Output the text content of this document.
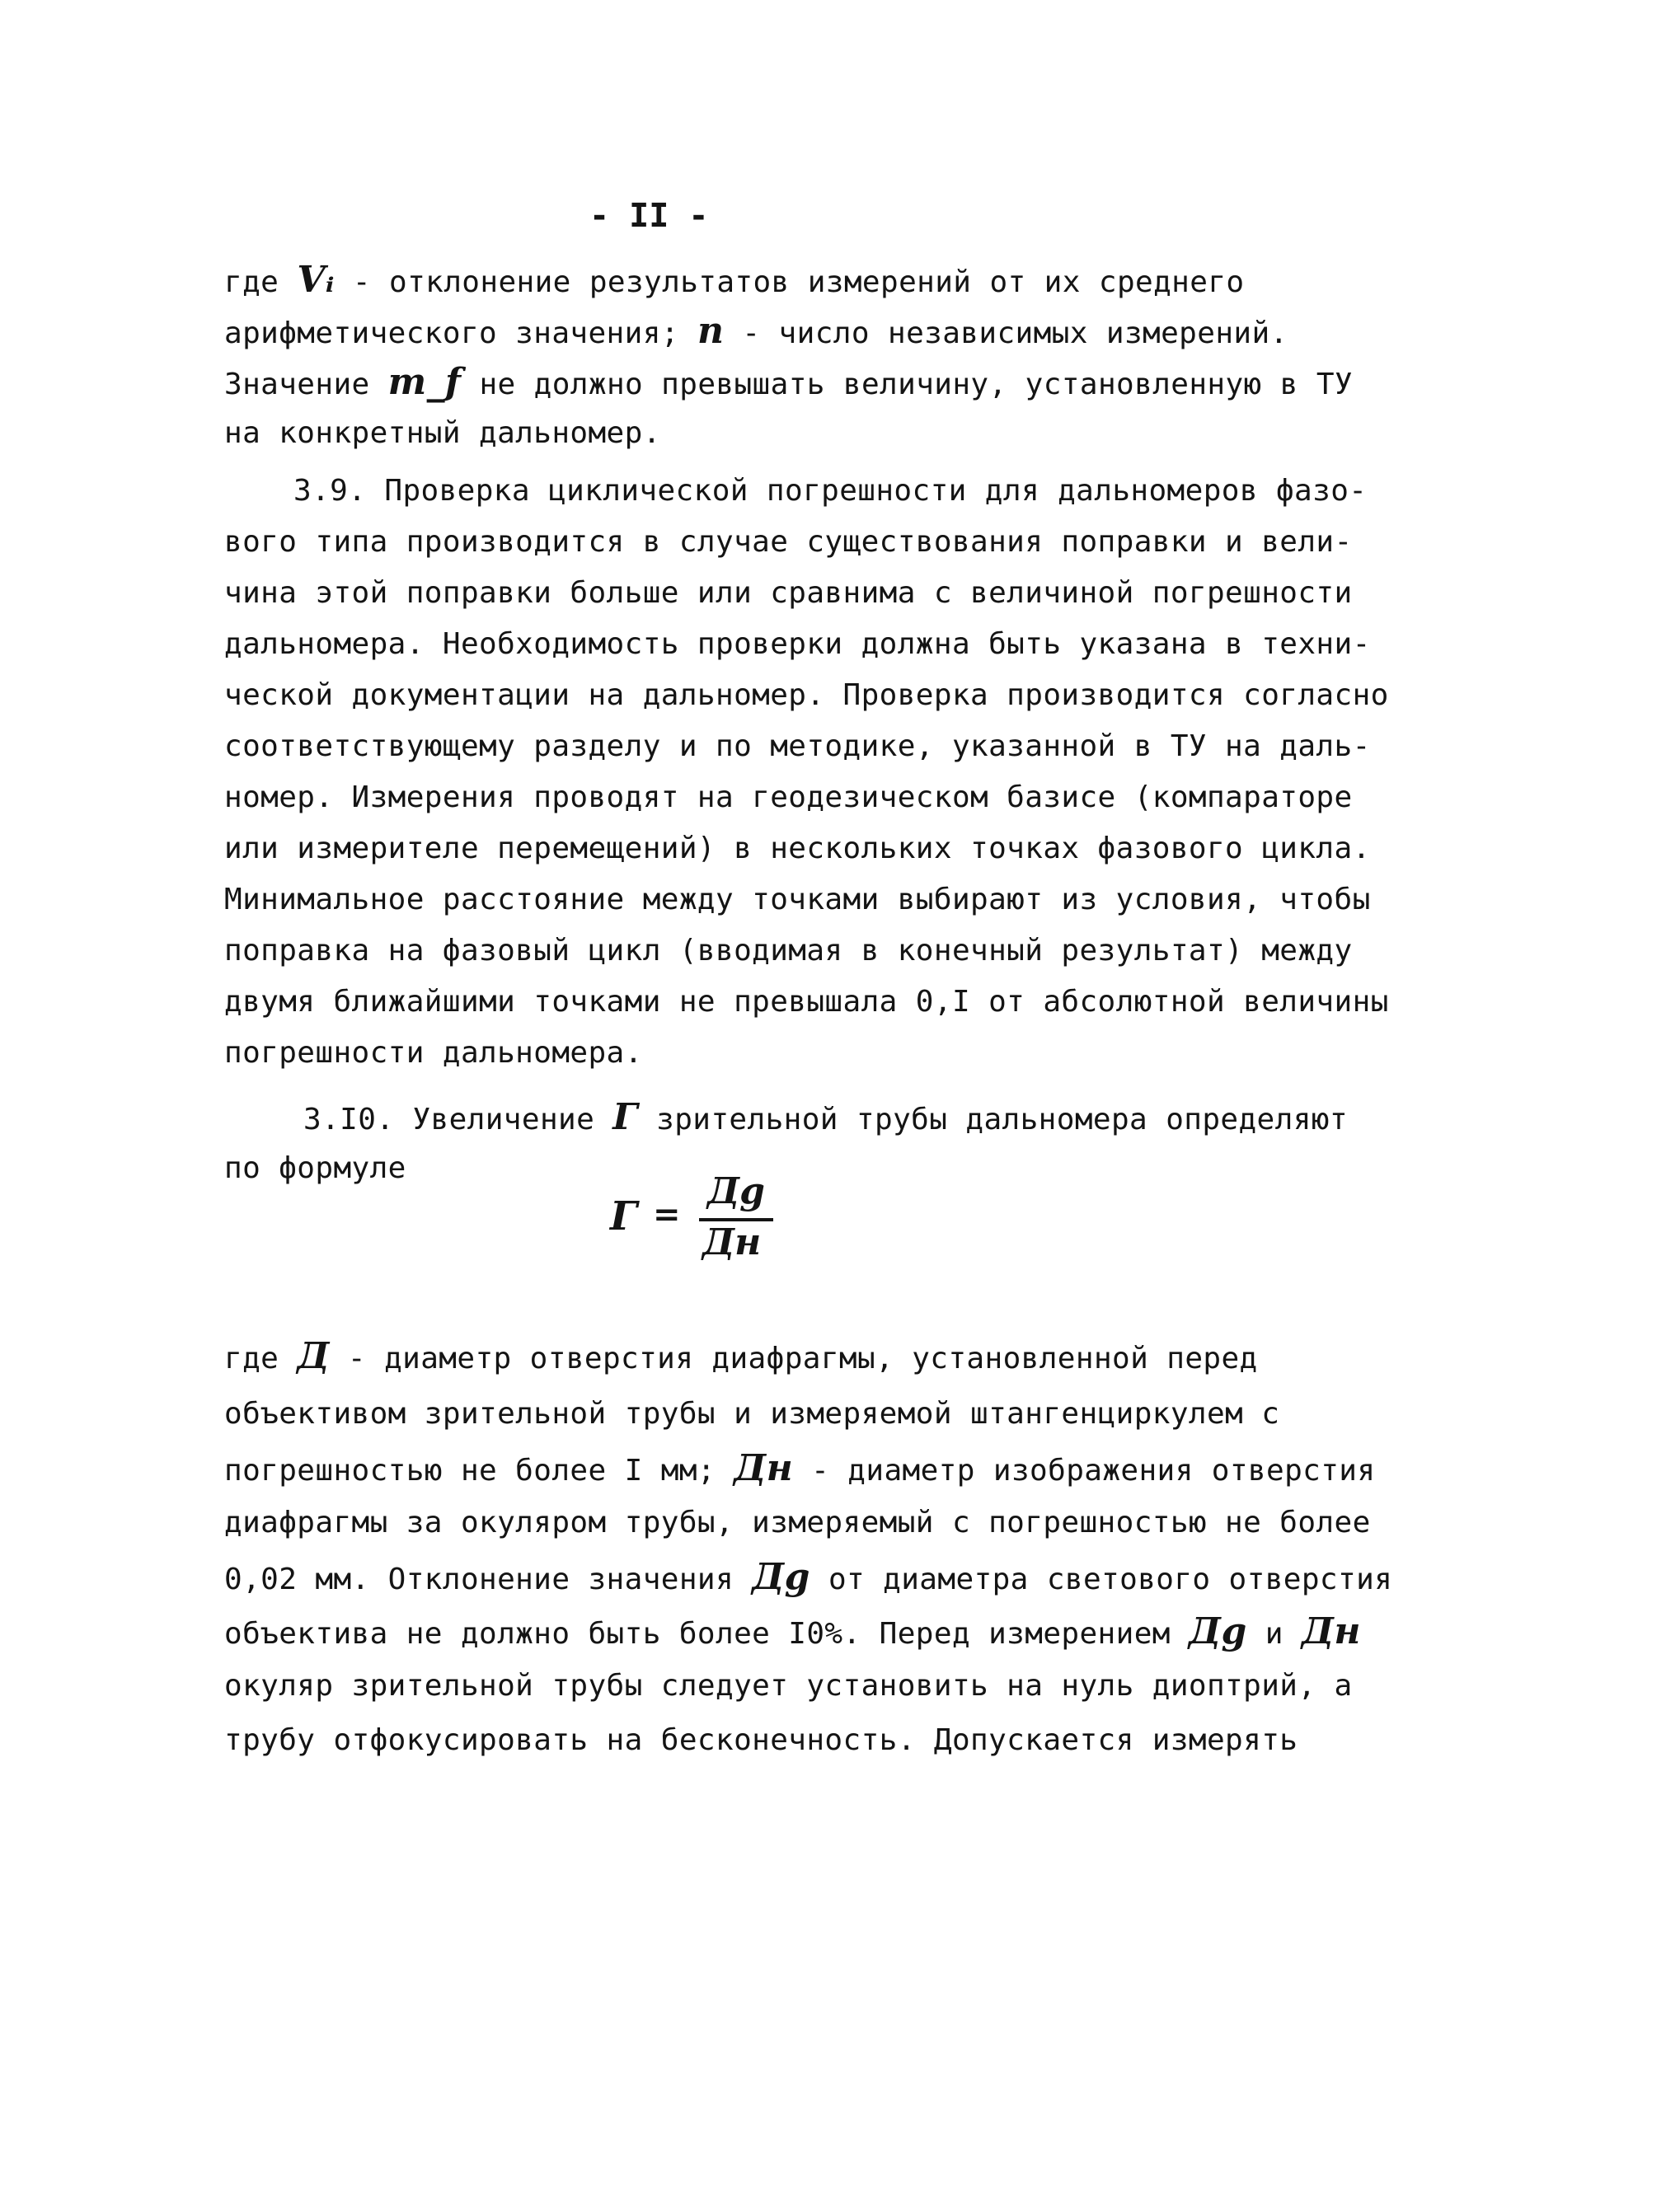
- II -
где Vᵢ - отклонение результатов измерений от их среднего
арифметического значения; n - число независимых измерений.
Значение m_f не должно превышать величину, установленную в ТУ
на конкретный дальномер.
3.9. Проверка циклической погрешности для дальномеров фазо-
вого типа производится в случае существования поправки и вели-
чина этой поправки больше или сравнима с величиной погрешности
дальномера. Необходимость проверки должна быть указана в техни-
ческой документации на дальномер. Проверка производится согласно
соответствующему разделу и по методике, указанной в ТУ на даль-
номер. Измерения проводят на геодезическом базисе (компараторе
или измерителе перемещений) в нескольких точках фазового цикла.
Минимальное расстояние между точками выбирают из условия, чтобы
поправка на фазовый цикл (вводимая в конечный результат) между
двумя ближайшими точками не превышала 0,I от абсолютной величины
погрешности дальномера.
3.I0. Увеличение Г зрительной трубы дальномера определяют
по формуле
Г =
Дg
Дн
где Д - диаметр отверстия диафрагмы, установленной перед
объективом зрительной трубы и измеряемой штангенциркулем с
погрешностью не более I мм; Дн - диаметр изображения отверстия
диафрагмы за окуляром трубы, измеряемый с погрешностью не более
0,02 мм. Отклонение значения Дg от диаметра светового отверстия
объектива не должно быть более I0%. Перед измерением Дg и Дн
окуляр зрительной трубы следует установить на нуль диоптрий, а
трубу отфокусировать на бесконечность. Допускается измерять
